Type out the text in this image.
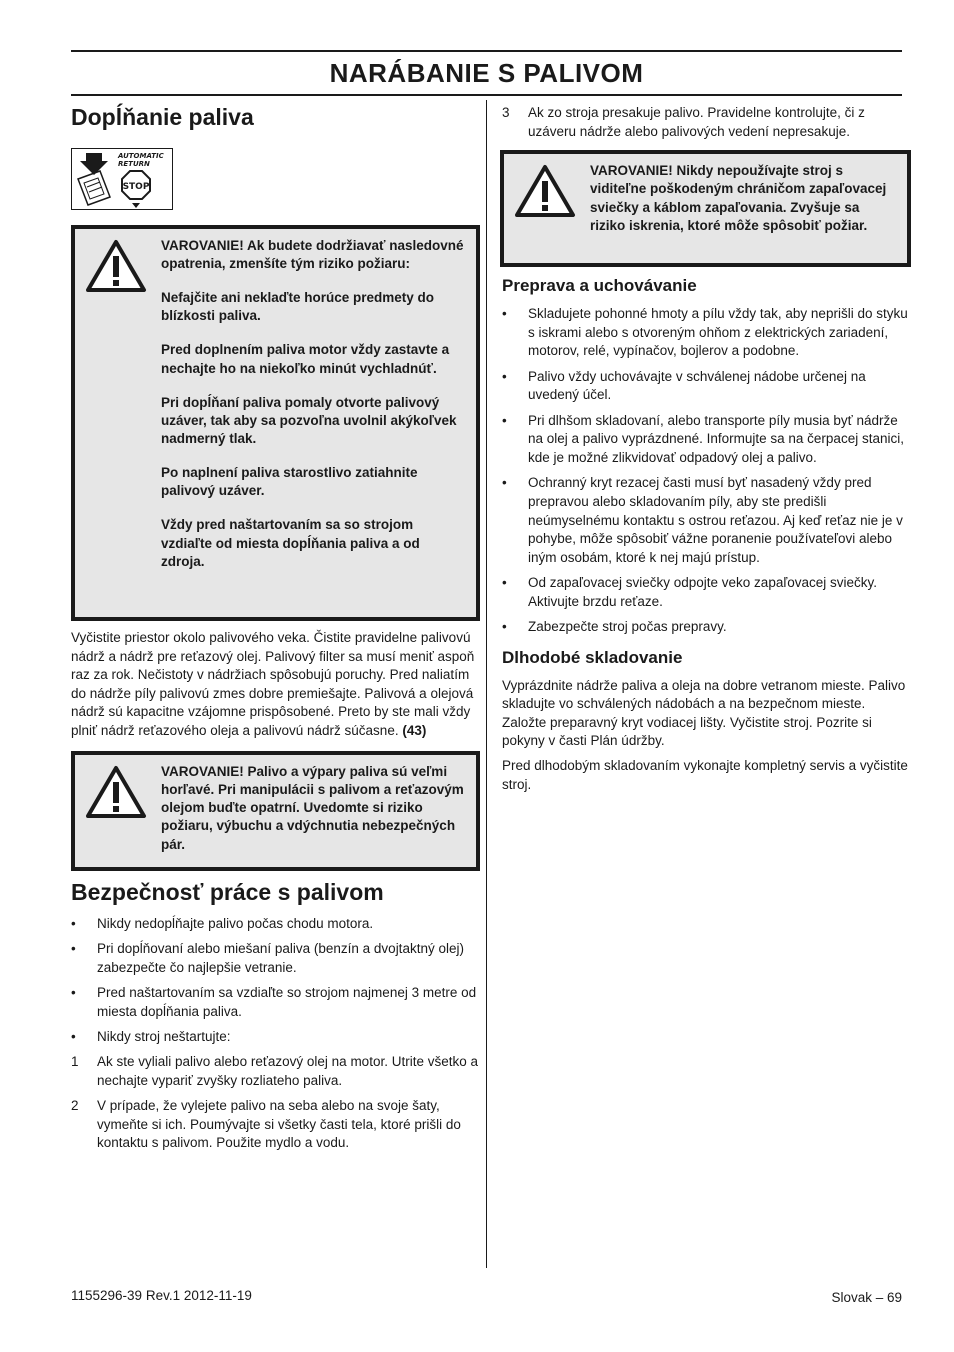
NARÁBANIE S PALIVOM
Dopĺňanie paliva
AUTOMATIC
RETURN
STOP

VAROVANIE! Ak budete dodržiavať nasledovné opatrenia, zmenšíte tým riziko požiaru:

Nefajčite ani neklaďte horúce predmety do blízkosti paliva.

Pred doplnením paliva motor vždy zastavte a nechajte ho na niekoľko minút vychladnúť.

Pri dopĺňaní paliva pomaly otvorte palivový uzáver, tak aby sa pozvoľna uvolnil akýkoľvek nadmerný tlak.

Po naplnení paliva starostlivo zatiahnite palivový uzáver.

Vždy pred naštartovaním sa so strojom vzdiaľte od miesta dopĺňania paliva a od zdroja.

Vyčistite priestor okolo palivového veka. Čistite pravidelne palivovú nádrž a nádrž pre reťazový olej. Palivový filter sa musí meniť aspoň raz za rok. Nečistoty v nádržiach spôsobujú poruchy. Pred naliatím do nádrže píly palivovú zmes dobre premiešajte. Palivová a olejová nádrž sú kapacitne vzájomne prispôsobené. Preto by ste mali vždy plniť nádrž reťazového oleja a palivovú nádrž súčasne. (43)

VAROVANIE! Palivo a výpary paliva sú veľmi horľavé. Pri manipulácii s palivom a reťazovým olejom buďte opatrní. Uvedomte si riziko požiaru, výbuchu a vdýchnutia nebezpečných pár.

Bezpečnosť práce s palivom
• Nikdy nedopĺňajte palivo počas chodu motora.
• Pri dopĺňovaní alebo miešaní paliva (benzín a dvojtaktný olej) zabezpečte čo najlepšie vetranie.
• Pred naštartovaním sa vzdiaľte so strojom najmenej 3 metre od miesta dopĺňania paliva.
• Nikdy stroj neštartujte:
1 Ak ste vyliali palivo alebo reťazový olej na motor. Utrite všetko a nechajte vypariť zvyšky rozliateho paliva.
2 V prípade, že vylejete palivo na seba alebo na svoje šaty, vymeňte si ich. Poumývajte si všetky časti tela, ktoré prišli do kontaktu s palivom. Použite mydlo a vodu.
3 Ak zo stroja presakuje palivo. Pravidelne kontrolujte, či z uzáveru nádrže alebo palivových vedení nepresakuje.

VAROVANIE! Nikdy nepoužívajte stroj s viditeľne poškodeným chráničom zapaľovacej sviečky a káblom zapaľovania. Zvyšuje sa riziko iskrenia, ktoré môže spôsobiť požiar.

Preprava a uchovávanie
• Skladujete pohonné hmoty a pílu vždy tak, aby neprišli do styku s iskrami alebo s otvoreným ohňom z elektrických zariadení, motorov, relé, vypínačov, bojlerov a podobne.
• Palivo vždy uchovávajte v schválenej nádobe určenej na uvedený účel.
• Pri dlhšom skladovaní, alebo transporte píly musia byť nádrže na olej a palivo vyprázdnené. Informujte sa na čerpacej stanici, kde je možné zlikvidovať odpadový olej a palivo.
• Ochranný kryt rezacej časti musí byť nasadený vždy pred prepravou alebo skladovaním píly, aby ste predišli neúmyselnému kontaktu s ostrou reťazou. Aj keď reťaz nie je v pohybe, môže spôsobiť vážne poranenie používateľovi alebo iným osobám, ktoré k nej majú prístup.
• Od zapaľovacej sviečky odpojte veko zapaľovacej sviečky. Aktivujte brzdu reťaze.
• Zabezpečte stroj počas prepravy.
Dlhodobé skladovanie

Vyprázdnite nádrže paliva a oleja na dobre vetranom mieste. Palivo skladujte vo schválených nádobách a na bezpečnom mieste. Založte preparavný kryt vodiacej lišty. Vyčistite stroj. Pozrite si pokyny v časti Plán údržby.

Pred dlhodobým skladovaním vykonajte kompletný servis a vyčistite stroj.

1155296-39 Rev.1 2012-11-19	Slovak – 69
